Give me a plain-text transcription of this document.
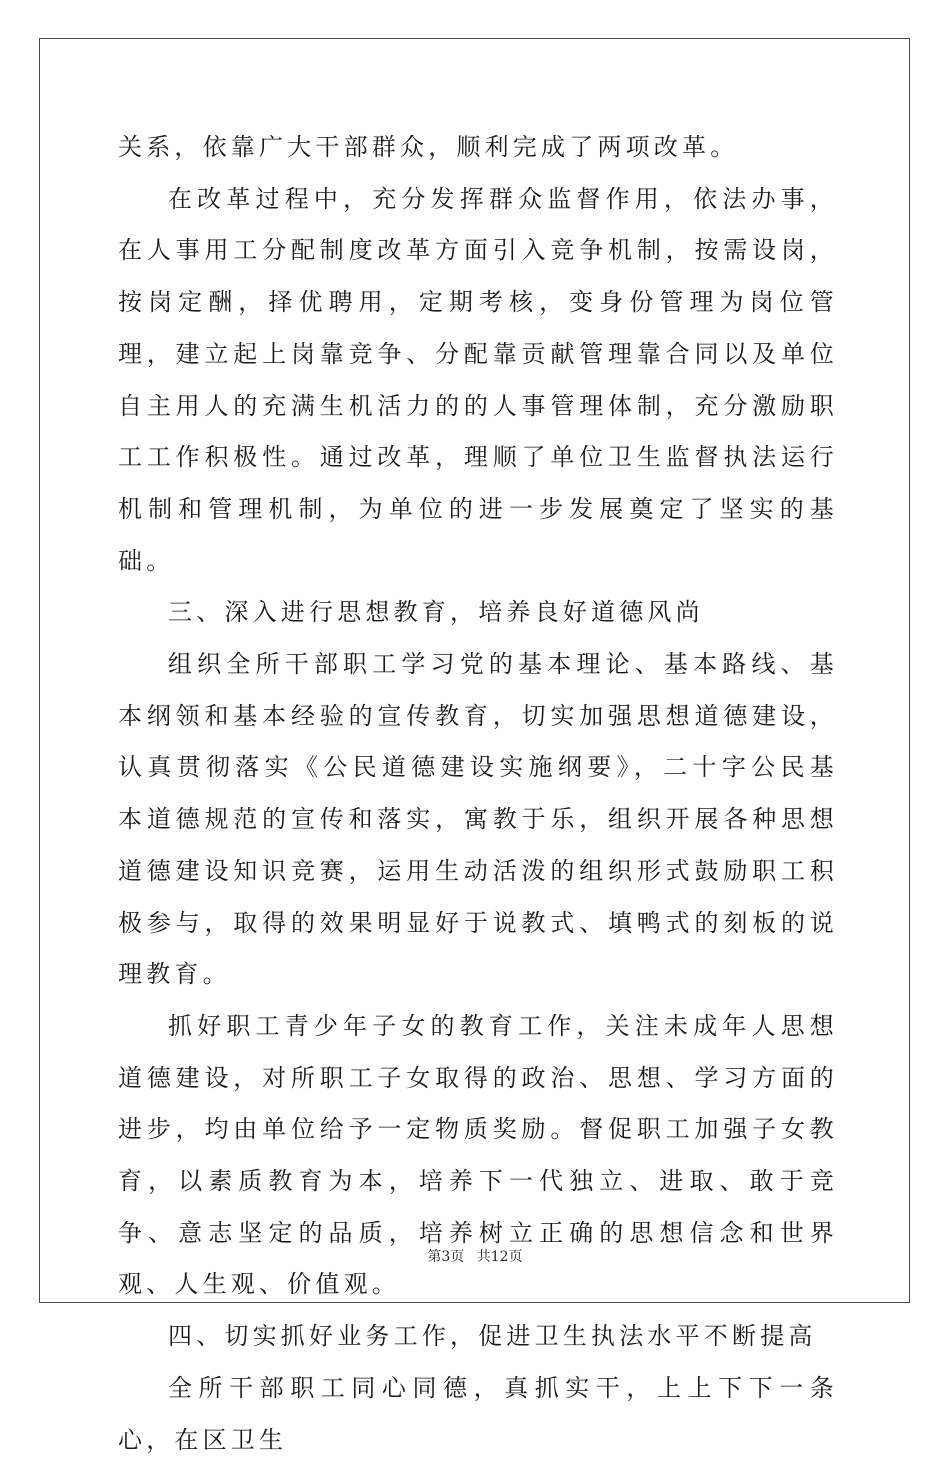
关系，依靠广大干部群众，顺利完成了两项改革。

在改革过程中，充分发挥群众监督作用，依法办事，在人事用工分配制度改革方面引入竞争机制，按需设岗，按岗定酬，择优聘用，定期考核，变身份管理为岗位管理，建立起上岗靠竞争、分配靠贡献管理靠合同以及单位自主用人的充满生机活力的的人事管理体制，充分激励职工工作积极性。通过改革，理顺了单位卫生监督执法运行机制和管理机制，为单位的进一步发展奠定了坚实的基础。

三、深入进行思想教育，培养良好道德风尚

组织全所干部职工学习党的基本理论、基本路线、基本纲领和基本经验的宣传教育，切实加强思想道德建设，认真贯彻落实《公民道德建设实施纲要》，二十字公民基本道德规范的宣传和落实，寓教于乐，组织开展各种思想道德建设知识竞赛，运用生动活泼的组织形式鼓励职工积极参与，取得的效果明显好于说教式、填鸭式的刻板的说理教育。

抓好职工青少年子女的教育工作，关注未成年人思想道德建设，对所职工子女取得的政治、思想、学习方面的进步，均由单位给予一定物质奖励。督促职工加强子女教育，以素质教育为本，培养下一代独立、进取、敢于竞争、意志坚定的品质，培养树立正确的思想信念和世界观、人生观、价值观。

四、切实抓好业务工作，促进卫生执法水平不断提高

全所干部职工同心同德，真抓实干，上上下下一条心，在区卫生

第3页 共12页
